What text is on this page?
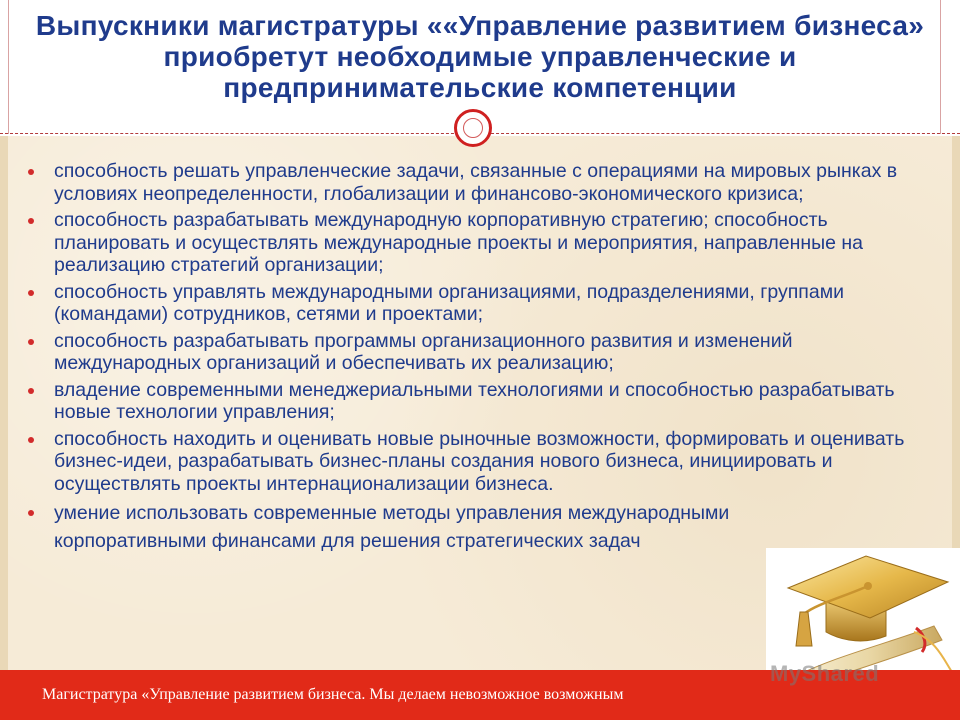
Выпускники магистратуры ««Управление развитием бизнеса» приобретут необходимые управленческие и предпринимательские компетенции
способность решать управленческие задачи, связанные с операциями на мировых рынках в условиях неопределенности, глобализации и финансово-экономического кризиса;
способность разрабатывать международную корпоративную стратегию; способность планировать и осуществлять международные проекты и мероприятия, направленные на реализацию стратегий организации;
способность управлять международными организациями, подразделениями, группами (командами) сотрудников, сетями и проектами;
способность разрабатывать программы организационного развития и изменений международных организаций и обеспечивать их реализацию;
владение современными менеджериальными технологиями и способностью разрабатывать новые технологии управления;
способность находить и оценивать новые рыночные возможности, формировать и оценивать бизнес-идеи, разрабатывать бизнес-планы создания нового бизнеса, инициировать и осуществлять проекты интернационализации бизнеса.
умение использовать современные методы управления международными корпоративными финансами для решения стратегических задач
Магистратура «Управление развитием бизнеса. Мы делаем невозможное возможным
MyShared
